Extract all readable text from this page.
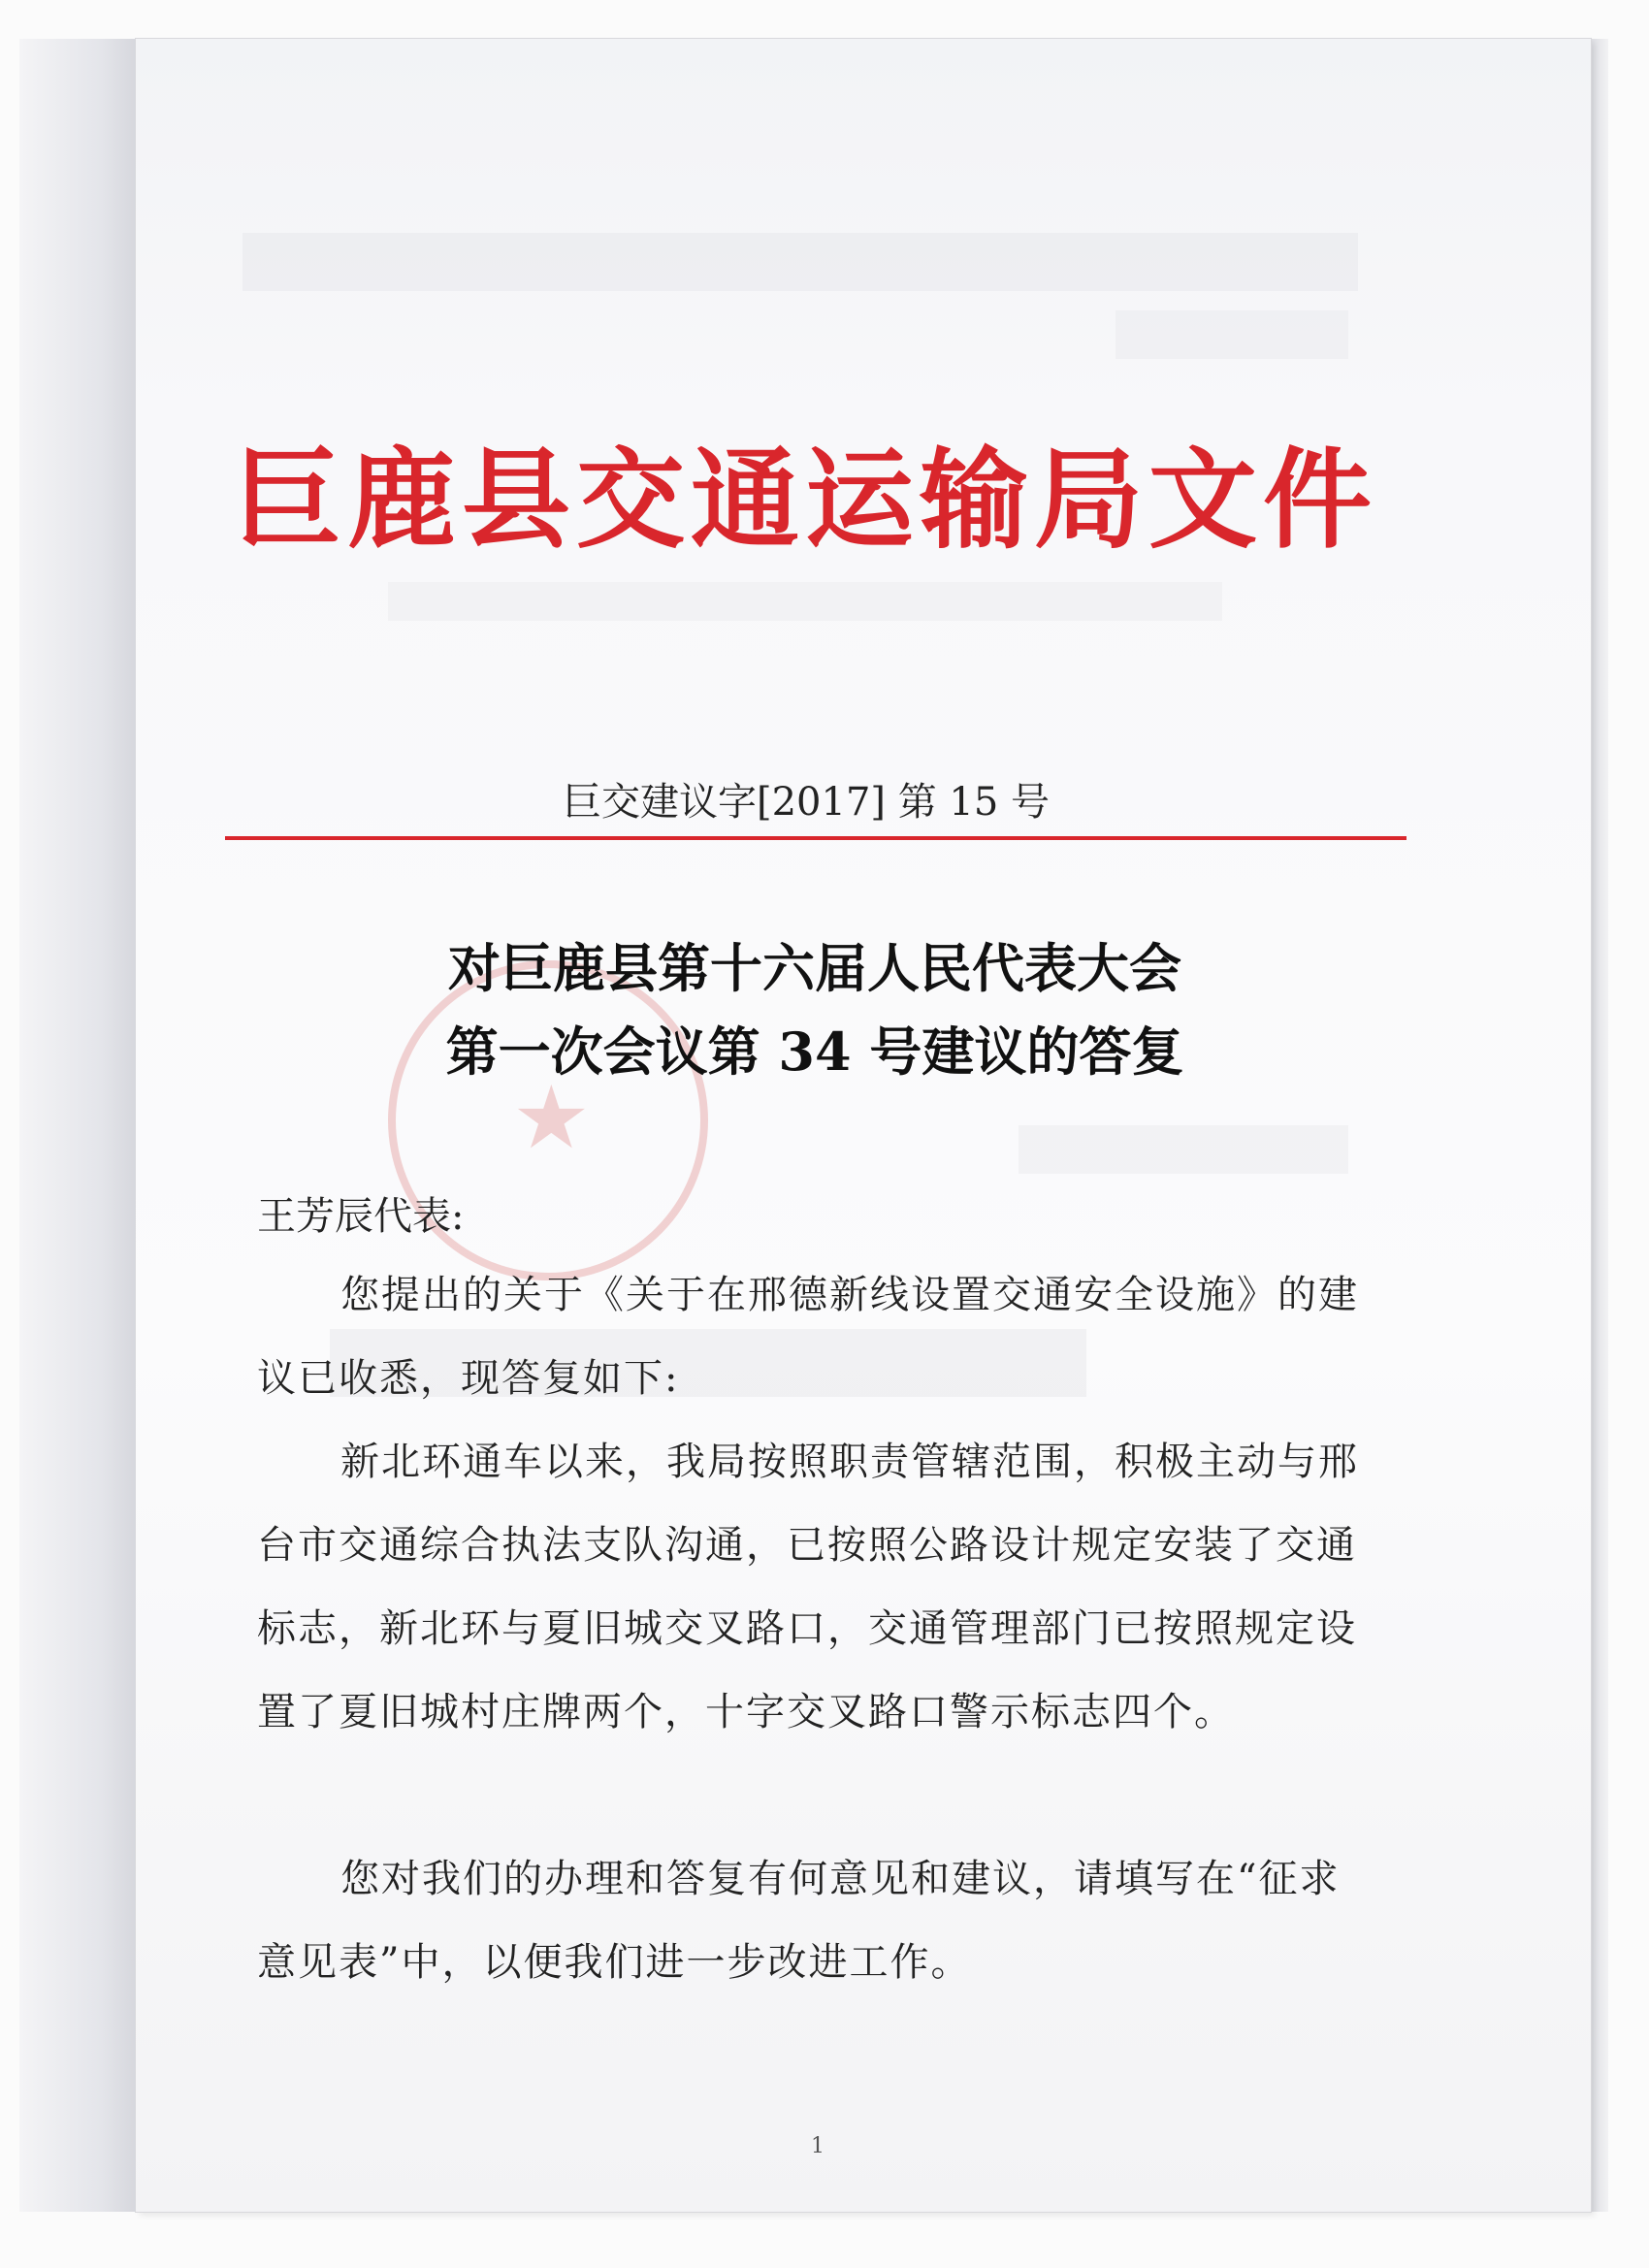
★
巨鹿县交通运输局文件
巨交建议字[2017] 第 15 号
对巨鹿县第十六届人民代表大会
第一次会议第 34 号建议的答复
王芳辰代表:
您提出的关于《关于在邢德新线设置交通安全设施》的建议已收悉，现答复如下:
新北环通车以来，我局按照职责管辖范围，积极主动与邢台市交通综合执法支队沟通，已按照公路设计规定安装了交通标志，新北环与夏旧城交叉路口，交通管理部门已按照规定设置了夏旧城村庄牌两个，十字交叉路口警示标志四个。
您对我们的办理和答复有何意见和建议，请填写在“征求意见表”中，以便我们进一步改进工作。
1
